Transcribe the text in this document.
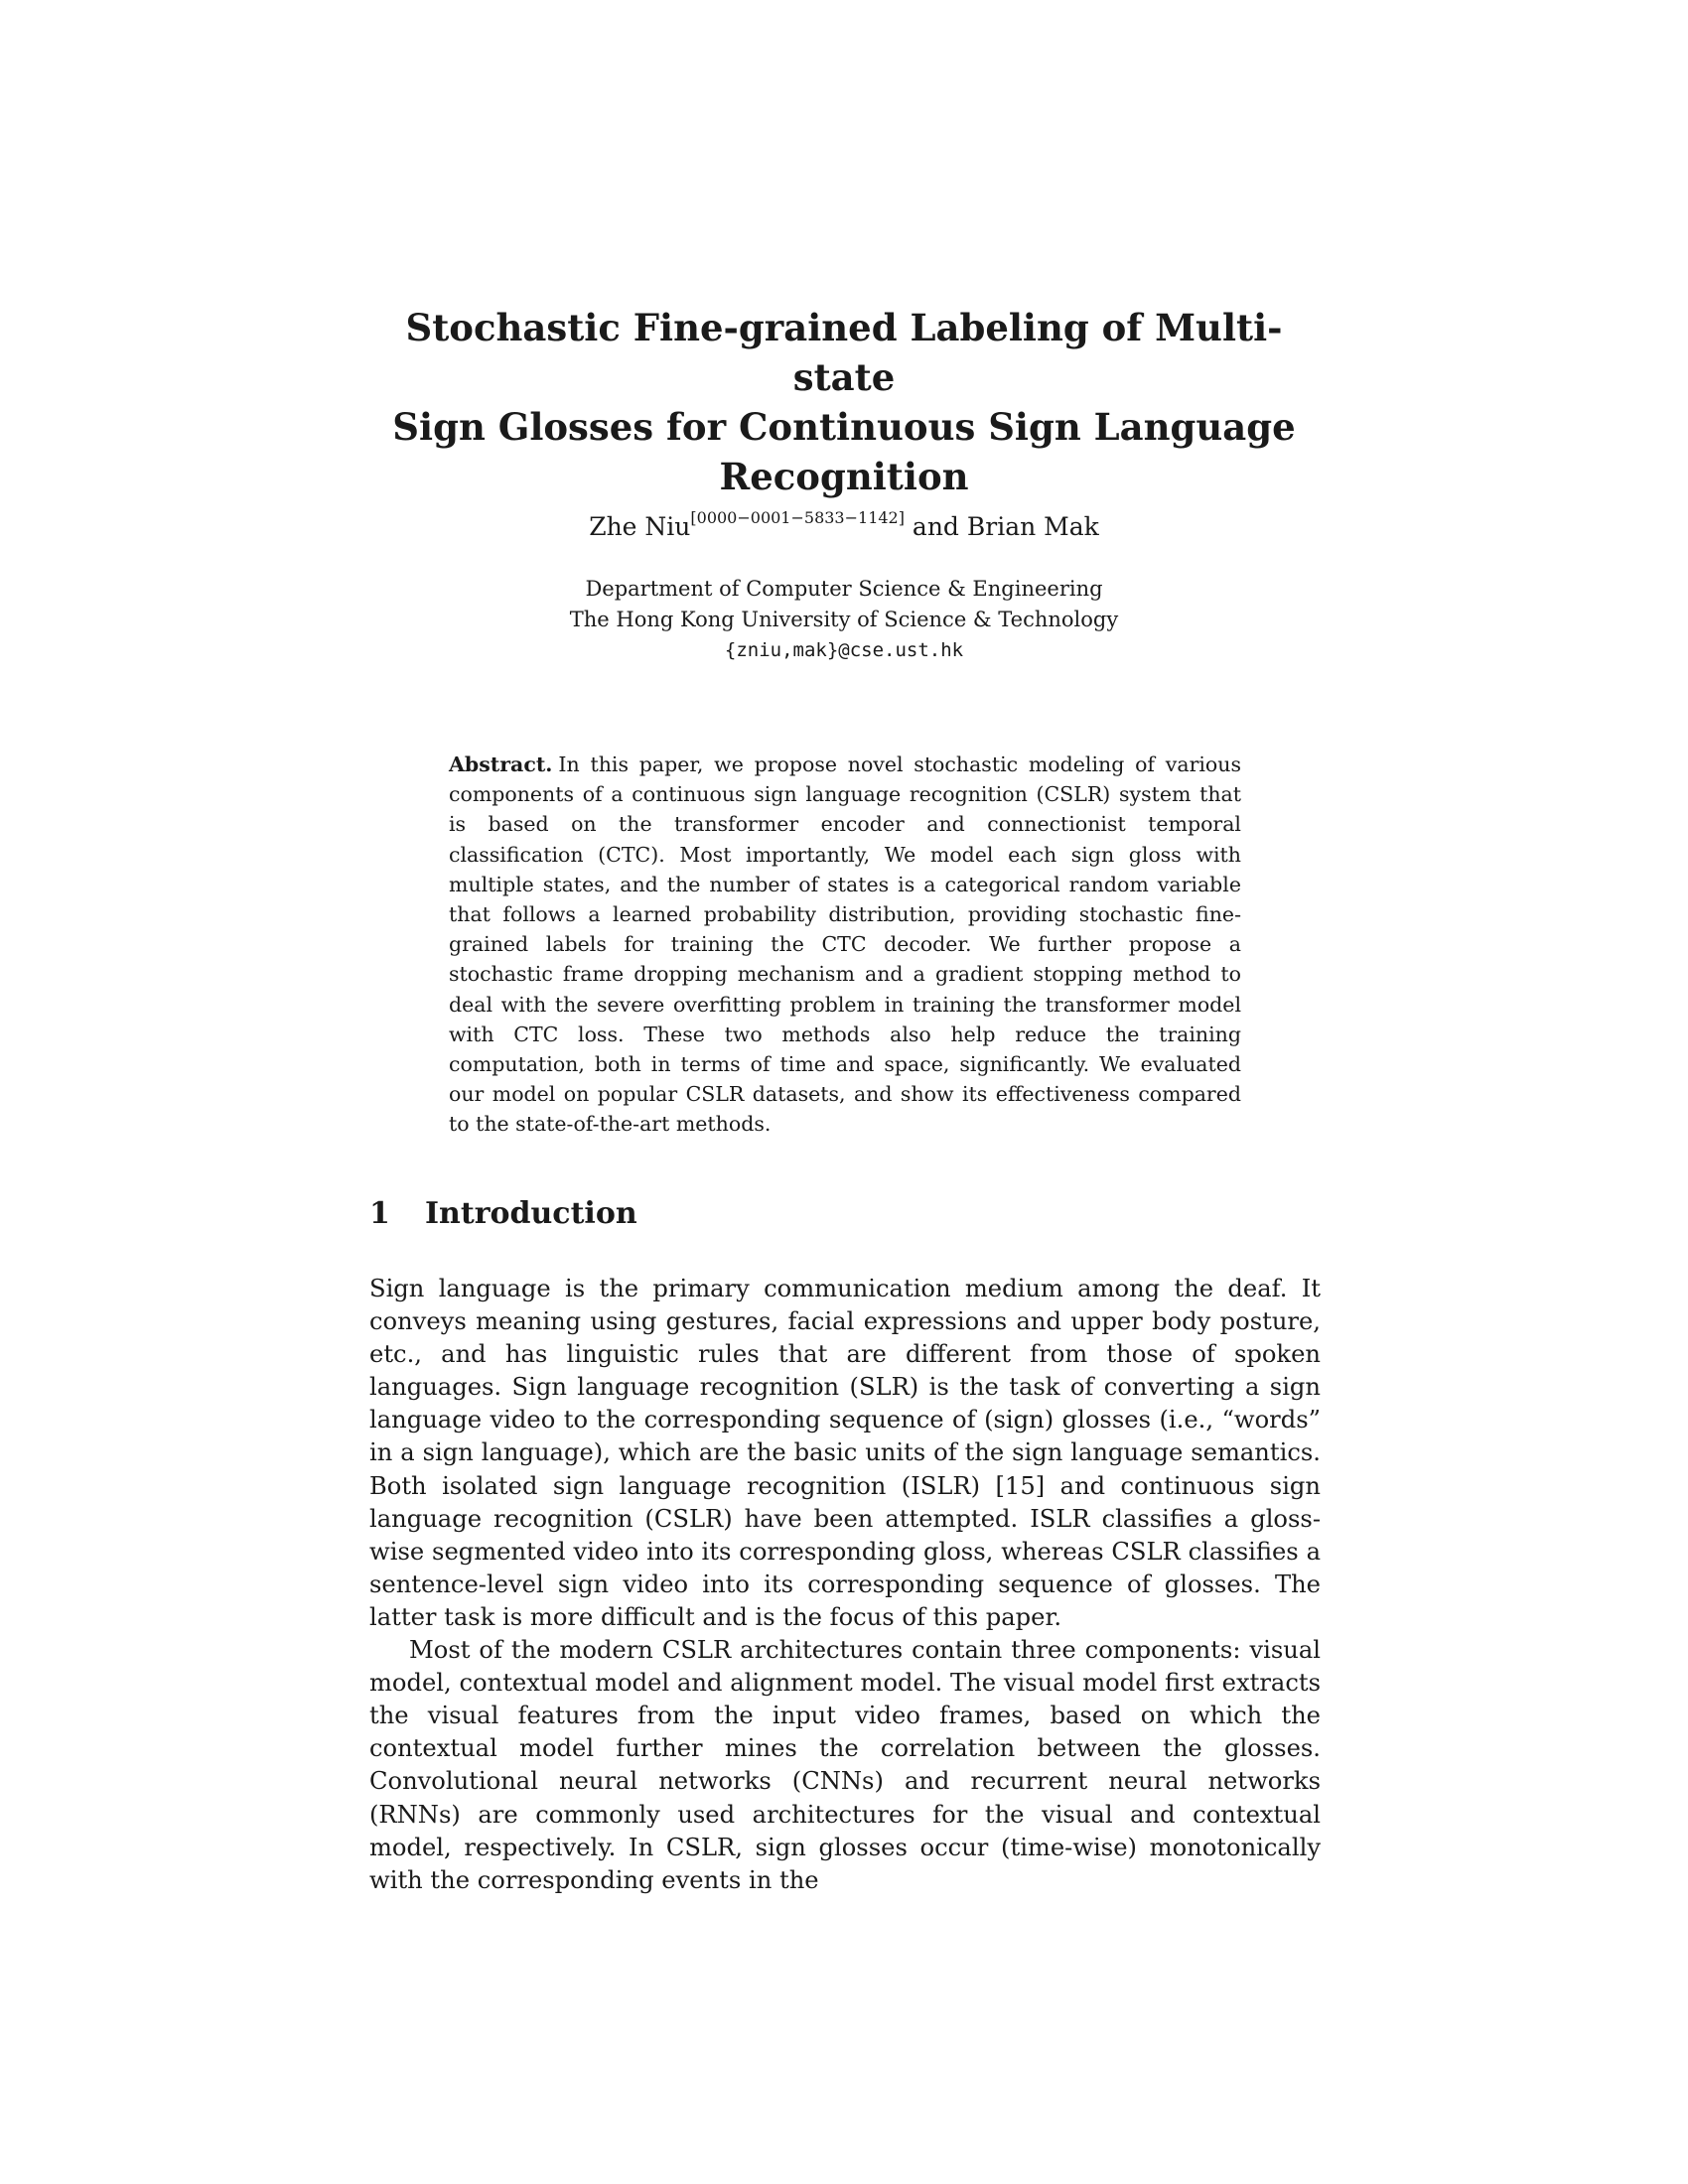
Stochastic Fine-grained Labeling of Multi-state
Sign Glosses for Continuous Sign Language
Recognition
Zhe Niu[0000−0001−5833−1142] and Brian Mak
Department of Computer Science & Engineering
The Hong Kong University of Science & Technology
{zniu,mak}@cse.ust.hk

Abstract. In this paper, we propose novel stochastic modeling of various components of a continuous sign language recognition (CSLR) system that is based on the transformer encoder and connectionist temporal classification (CTC). Most importantly, We model each sign gloss with multiple states, and the number of states is a categorical random variable that follows a learned probability distribution, providing stochastic fine-grained labels for training the CTC decoder. We further propose a stochastic frame dropping mechanism and a gradient stopping method to deal with the severe overfitting problem in training the transformer model with CTC loss. These two methods also help reduce the training computation, both in terms of time and space, significantly. We evaluated our model on popular CSLR datasets, and show its effectiveness compared to the state-of-the-art methods.

1 Introduction

Sign language is the primary communication medium among the deaf. It conveys meaning using gestures, facial expressions and upper body posture, etc., and has linguistic rules that are different from those of spoken languages. Sign language recognition (SLR) is the task of converting a sign language video to the corresponding sequence of (sign) glosses (i.e., “words” in a sign language), which are the basic units of the sign language semantics. Both isolated sign language recognition (ISLR) [15] and continuous sign language recognition (CSLR) have been attempted. ISLR classifies a gloss-wise segmented video into its corresponding gloss, whereas CSLR classifies a sentence-level sign video into its corresponding sequence of glosses. The latter task is more difficult and is the focus of this paper.

Most of the modern CSLR architectures contain three components: visual model, contextual model and alignment model. The visual model first extracts the visual features from the input video frames, based on which the contextual model further mines the correlation between the glosses. Convolutional neural networks (CNNs) and recurrent neural networks (RNNs) are commonly used architectures for the visual and contextual model, respectively. In CSLR, sign glosses occur (time-wise) monotonically with the corresponding events in the
